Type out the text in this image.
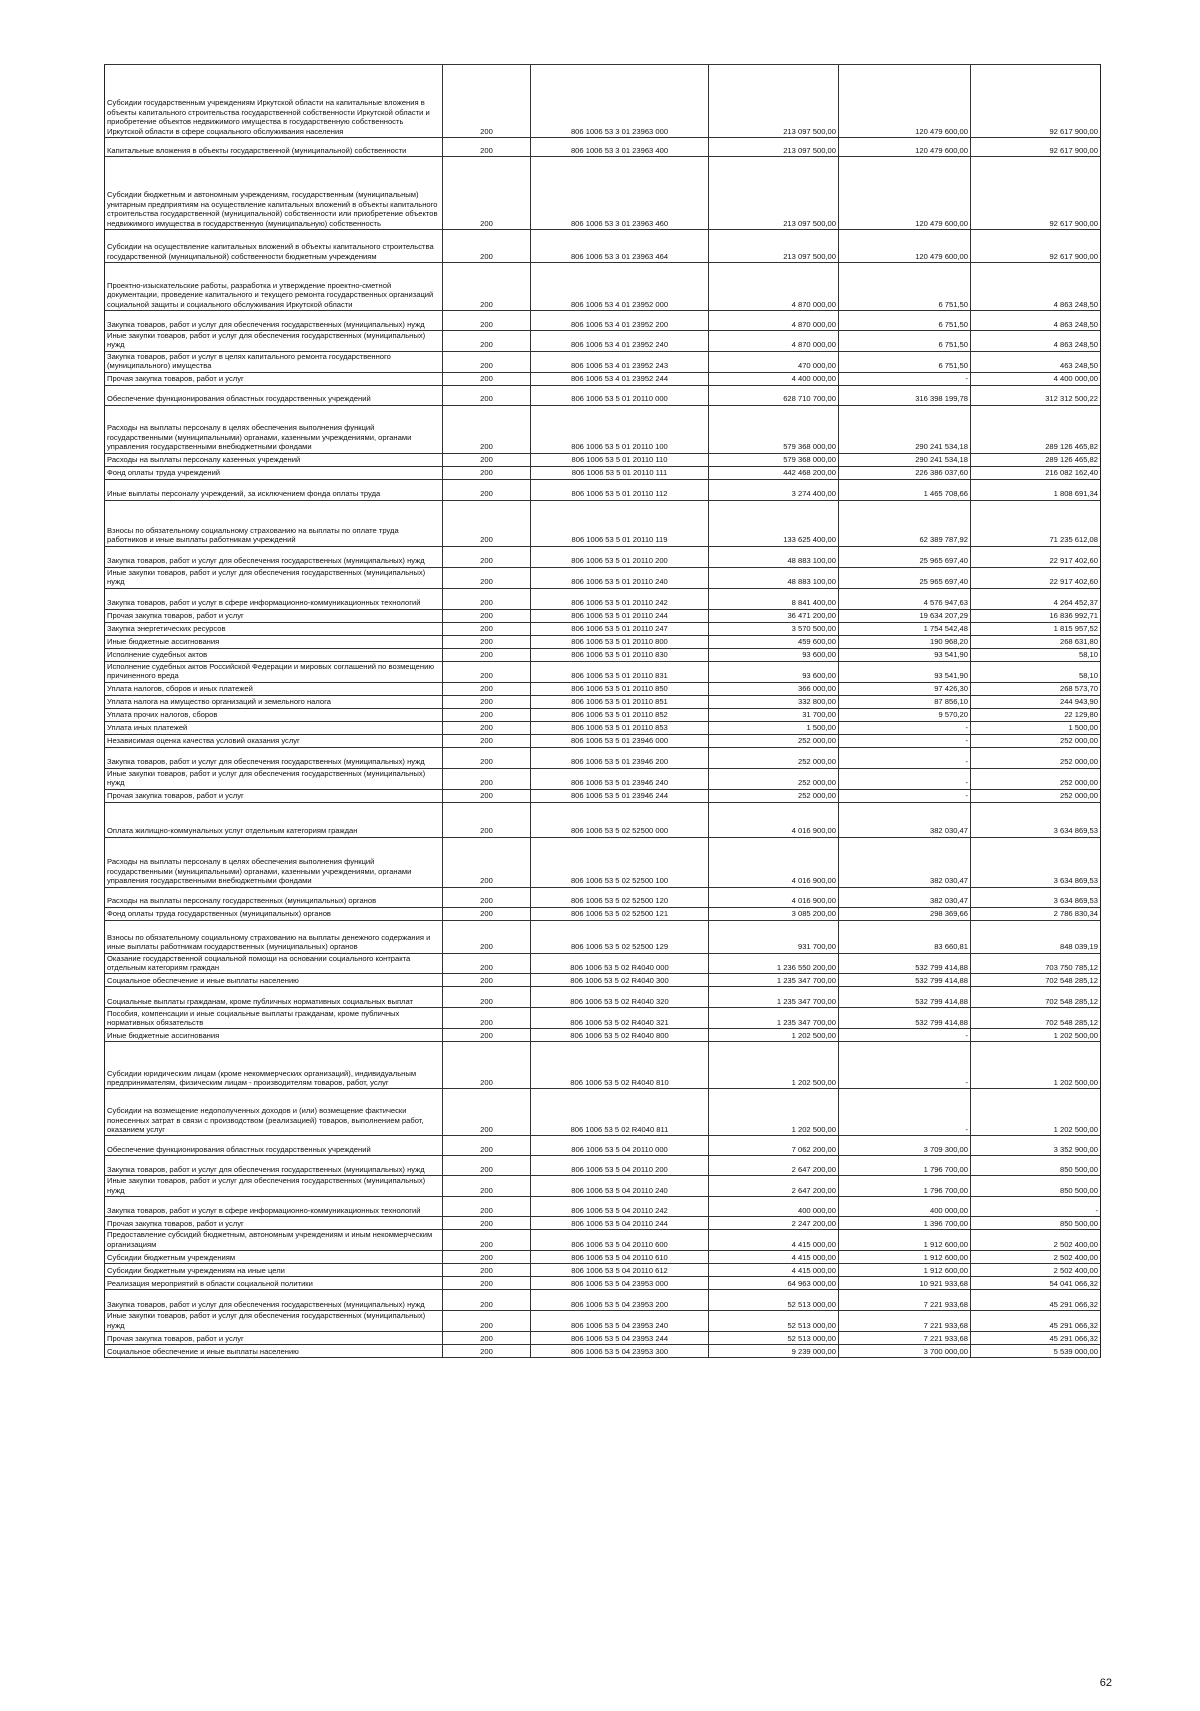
Субсидии государственным учреждениям Иркутской области на капитальные вложения в объекты капитального строительства государственной собственности Иркутской области и приобретение объектов недвижимого имущества в государственную собственность Иркутской области в сфере социального обслуживания населения	200	806 1006 53 3 01 23963 000	213 097 500,00	120 479 600,00	92 617 900,00
Капитальные вложения в объекты государственной (муниципальной) собственности	200	806 1006 53 3 01 23963 400	213 097 500,00	120 479 600,00	92 617 900,00
Субсидии бюджетным и автономным учреждениям, государственным (муниципальным) унитарным предприятиям на осуществление капитальных вложений в объекты капитального строительства государственной (муниципальной) собственности или приобретение объектов недвижимого имущества в государственную (муниципальную) собственность	200	806 1006 53 3 01 23963 460	213 097 500,00	120 479 600,00	92 617 900,00
Субсидии на осуществление капитальных вложений в объекты капитального строительства государственной (муниципальной) собственности бюджетным учреждениям	200	806 1006 53 3 01 23963 464	213 097 500,00	120 479 600,00	92 617 900,00
Проектно-изыскательские работы, разработка и утверждение проектно-сметной документации, проведение капитального и текущего ремонта государственных организаций социальной защиты и социального обслуживания Иркутской области	200	806 1006 53 4 01 23952 000	4 870 000,00	6 751,50	4 863 248,50
Закупка товаров, работ и услуг для обеспечения государственных (муниципальных) нужд	200	806 1006 53 4 01 23952 200	4 870 000,00	6 751,50	4 863 248,50
Иные закупки товаров, работ и услуг для обеспечения государственных (муниципальных) нужд	200	806 1006 53 4 01 23952 240	4 870 000,00	6 751,50	4 863 248,50
Закупка товаров, работ и услуг в целях капитального ремонта государственного (муниципального) имущества	200	806 1006 53 4 01 23952 243	470 000,00	6 751,50	463 248,50
Прочая закупка товаров, работ и услуг	200	806 1006 53 4 01 23952 244	4 400 000,00	-	4 400 000,00
Обеспечение функционирования областных государственных учреждений	200	806 1006 53 5 01 20110 000	628 710 700,00	316 398 199,78	312 312 500,22
Расходы на выплаты персоналу в целях обеспечения выполнения функций государственными (муниципальными) органами, казенными учреждениями, органами управления государственными внебюджетными фондами	200	806 1006 53 5 01 20110 100	579 368 000,00	290 241 534,18	289 126 465,82
Расходы на выплаты персоналу казенных учреждений	200	806 1006 53 5 01 20110 110	579 368 000,00	290 241 534,18	289 126 465,82
Фонд оплаты труда учреждений	200	806 1006 53 5 01 20110 111	442 468 200,00	226 386 037,60	216 082 162,40
Иные выплаты персоналу учреждений, за исключением фонда оплаты труда	200	806 1006 53 5 01 20110 112	3 274 400,00	1 465 708,66	1 808 691,34
Взносы по обязательному социальному страхованию на выплаты по оплате труда работников и иные выплаты работникам учреждений	200	806 1006 53 5 01 20110 119	133 625 400,00	62 389 787,92	71 235 612,08
Закупка товаров, работ и услуг для обеспечения государственных (муниципальных) нужд	200	806 1006 53 5 01 20110 200	48 883 100,00	25 965 697,40	22 917 402,60
Иные закупки товаров, работ и услуг для обеспечения государственных (муниципальных) нужд	200	806 1006 53 5 01 20110 240	48 883 100,00	25 965 697,40	22 917 402,60
Закупка товаров, работ и услуг в сфере информационно-коммуникационных технологий	200	806 1006 53 5 01 20110 242	8 841 400,00	4 576 947,63	4 264 452,37
Прочая закупка товаров, работ и услуг	200	806 1006 53 5 01 20110 244	36 471 200,00	19 634 207,29	16 836 992,71
Закупка энергетических ресурсов	200	806 1006 53 5 01 20110 247	3 570 500,00	1 754 542,48	1 815 957,52
Иные бюджетные ассигнования	200	806 1006 53 5 01 20110 800	459 600,00	190 968,20	268 631,80
Исполнение судебных актов	200	806 1006 53 5 01 20110 830	93 600,00	93 541,90	58,10
Исполнение судебных актов Российской Федерации и мировых соглашений по возмещению причиненного вреда	200	806 1006 53 5 01 20110 831	93 600,00	93 541,90	58,10
Уплата налогов, сборов и иных платежей	200	806 1006 53 5 01 20110 850	366 000,00	97 426,30	268 573,70
Уплата налога на имущество организаций и земельного налога	200	806 1006 53 5 01 20110 851	332 800,00	87 856,10	244 943,90
Уплата прочих налогов, сборов	200	806 1006 53 5 01 20110 852	31 700,00	9 570,20	22 129,80
Уплата иных платежей	200	806 1006 53 5 01 20110 853	1 500,00	-	1 500,00
Независимая оценка качества условий оказания услуг	200	806 1006 53 5 01 23946 000	252 000,00	-	252 000,00
Закупка товаров, работ и услуг для обеспечения государственных (муниципальных) нужд	200	806 1006 53 5 01 23946 200	252 000,00	-	252 000,00
Иные закупки товаров, работ и услуг для обеспечения государственных (муниципальных) нужд	200	806 1006 53 5 01 23946 240	252 000,00	-	252 000,00
Прочая закупка товаров, работ и услуг	200	806 1006 53 5 01 23946 244	252 000,00	-	252 000,00
Оплата жилищно-коммунальных услуг отдельным категориям граждан	200	806 1006 53 5 02 52500 000	4 016 900,00	382 030,47	3 634 869,53
Расходы на выплаты персоналу в целях обеспечения выполнения функций государственными (муниципальными) органами, казенными учреждениями, органами управления государственными внебюджетными фондами	200	806 1006 53 5 02 52500 100	4 016 900,00	382 030,47	3 634 869,53
Расходы на выплаты персоналу государственных (муниципальных) органов	200	806 1006 53 5 02 52500 120	4 016 900,00	382 030,47	3 634 869,53
Фонд оплаты труда государственных (муниципальных) органов	200	806 1006 53 5 02 52500 121	3 085 200,00	298 369,66	2 786 830,34
Взносы по обязательному социальному страхованию на выплаты денежного содержания и иные выплаты работникам государственных (муниципальных) органов	200	806 1006 53 5 02 52500 129	931 700,00	83 660,81	848 039,19
Оказание государственной социальной помощи на основании социального контракта отдельным категориям граждан	200	806 1006 53 5 02 R4040 000	1 236 550 200,00	532 799 414,88	703 750 785,12
Социальное обеспечение и иные выплаты населению	200	806 1006 53 5 02 R4040 300	1 235 347 700,00	532 799 414,88	702 548 285,12
Социальные выплаты гражданам, кроме публичных нормативных социальных выплат	200	806 1006 53 5 02 R4040 320	1 235 347 700,00	532 799 414,88	702 548 285,12
Пособия, компенсации и иные социальные выплаты гражданам, кроме публичных нормативных обязательств	200	806 1006 53 5 02 R4040 321	1 235 347 700,00	532 799 414,88	702 548 285,12
Иные бюджетные ассигнования	200	806 1006 53 5 02 R4040 800	1 202 500,00	-	1 202 500,00
Субсидии юридическим лицам (кроме некоммерческих организаций), индивидуальным предпринимателям, физическим лицам - производителям товаров, работ, услуг	200	806 1006 53 5 02 R4040 810	1 202 500,00	-	1 202 500,00
Субсидии на возмещение недополученных доходов и (или) возмещение фактически понесенных затрат в связи с производством (реализацией) товаров, выполнением работ, оказанием услуг	200	806 1006 53 5 02 R4040 811	1 202 500,00	-	1 202 500,00
Обеспечение функционирования областных государственных учреждений	200	806 1006 53 5 04 20110 000	7 062 200,00	3 709 300,00	3 352 900,00
Закупка товаров, работ и услуг для обеспечения государственных (муниципальных) нужд	200	806 1006 53 5 04 20110 200	2 647 200,00	1 796 700,00	850 500,00
Иные закупки товаров, работ и услуг для обеспечения государственных (муниципальных) нужд	200	806 1006 53 5 04 20110 240	2 647 200,00	1 796 700,00	850 500,00
Закупка товаров, работ и услуг в сфере информационно-коммуникационных технологий	200	806 1006 53 5 04 20110 242	400 000,00	400 000,00	-
Прочая закупка товаров, работ и услуг	200	806 1006 53 5 04 20110 244	2 247 200,00	1 396 700,00	850 500,00
Предоставление субсидий бюджетным, автономным учреждениям и иным некоммерческим организациям	200	806 1006 53 5 04 20110 600	4 415 000,00	1 912 600,00	2 502 400,00
Субсидии бюджетным учреждениям	200	806 1006 53 5 04 20110 610	4 415 000,00	1 912 600,00	2 502 400,00
Субсидии бюджетным учреждениям на иные цели	200	806 1006 53 5 04 20110 612	4 415 000,00	1 912 600,00	2 502 400,00
Реализация мероприятий в области социальной политики	200	806 1006 53 5 04 23953 000	64 963 000,00	10 921 933,68	54 041 066,32
Закупка товаров, работ и услуг для обеспечения государственных (муниципальных) нужд	200	806 1006 53 5 04 23953 200	52 513 000,00	7 221 933,68	45 291 066,32
Иные закупки товаров, работ и услуг для обеспечения государственных (муниципальных) нужд	200	806 1006 53 5 04 23953 240	52 513 000,00	7 221 933,68	45 291 066,32
Прочая закупка товаров, работ и услуг	200	806 1006 53 5 04 23953 244	52 513 000,00	7 221 933,68	45 291 066,32
Социальное обеспечение и иные выплаты населению	200	806 1006 53 5 04 23953 300	9 239 000,00	3 700 000,00	5 539 000,00
62
